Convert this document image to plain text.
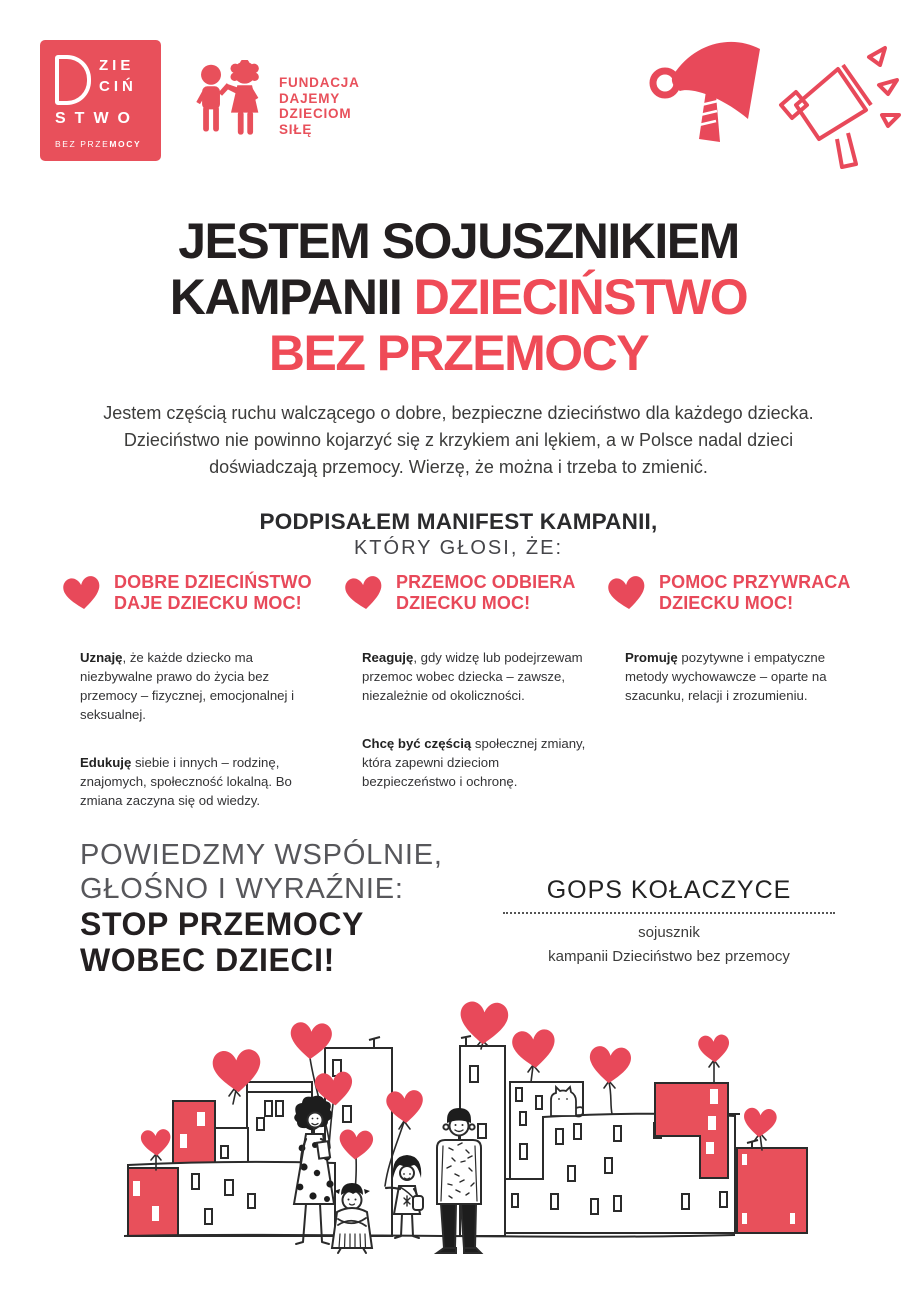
ZIE
CIŃ
STWO
BEZ PRZEMOCY
FUNDACJA
DAJEMY
DZIECIOM
SIŁĘ
JESTEM SOJUSZNIKIEM
KAMPANII DZIECIŃSTWO
BEZ PRZEMOCY
Jestem częścią ruchu walczącego o dobre, bezpieczne dzieciństwo dla każdego dziecka. Dzieciństwo nie powinno kojarzyć się z krzykiem ani lękiem, a w Polsce nadal dzieci doświadczają przemocy. Wierzę, że można i trzeba to zmienić.
PODPISAŁEM MANIFEST KAMPANII,
KTÓRY GŁOSI, ŻE:
DOBRE DZIECIŃSTWO
DAJE DZIECKU MOC!

Uznaję, że każde dziecko ma niezbywalne prawo do życia bez przemocy – fizycznej, emocjonalnej i seksualnej.

Edukuję siebie i innych – rodzinę, znajomych, społeczność lokalną. Bo zmiana zaczyna się od wiedzy.

PRZEMOC ODBIERA
DZIECKU MOC!

Reaguję, gdy widzę lub podejrzewam przemoc wobec dziecka – zawsze, niezależnie od okoliczności.

Chcę być częścią społecznej zmiany, która zapewni dzieciom bezpieczeństwo i ochronę.

POMOC PRZYWRACA
DZIECKU MOC!

Promuję pozytywne i empatyczne metody wychowawcze – oparte na szacunku, relacji i zrozumieniu.

POWIEDZMY WSPÓLNIE,
GŁOŚNO I WYRAŹNIE:
STOP PRZEMOCY
WOBEC DZIECI!
GOPS KOŁACZYCE
sojusznik
kampanii Dzieciństwo bez przemocy
